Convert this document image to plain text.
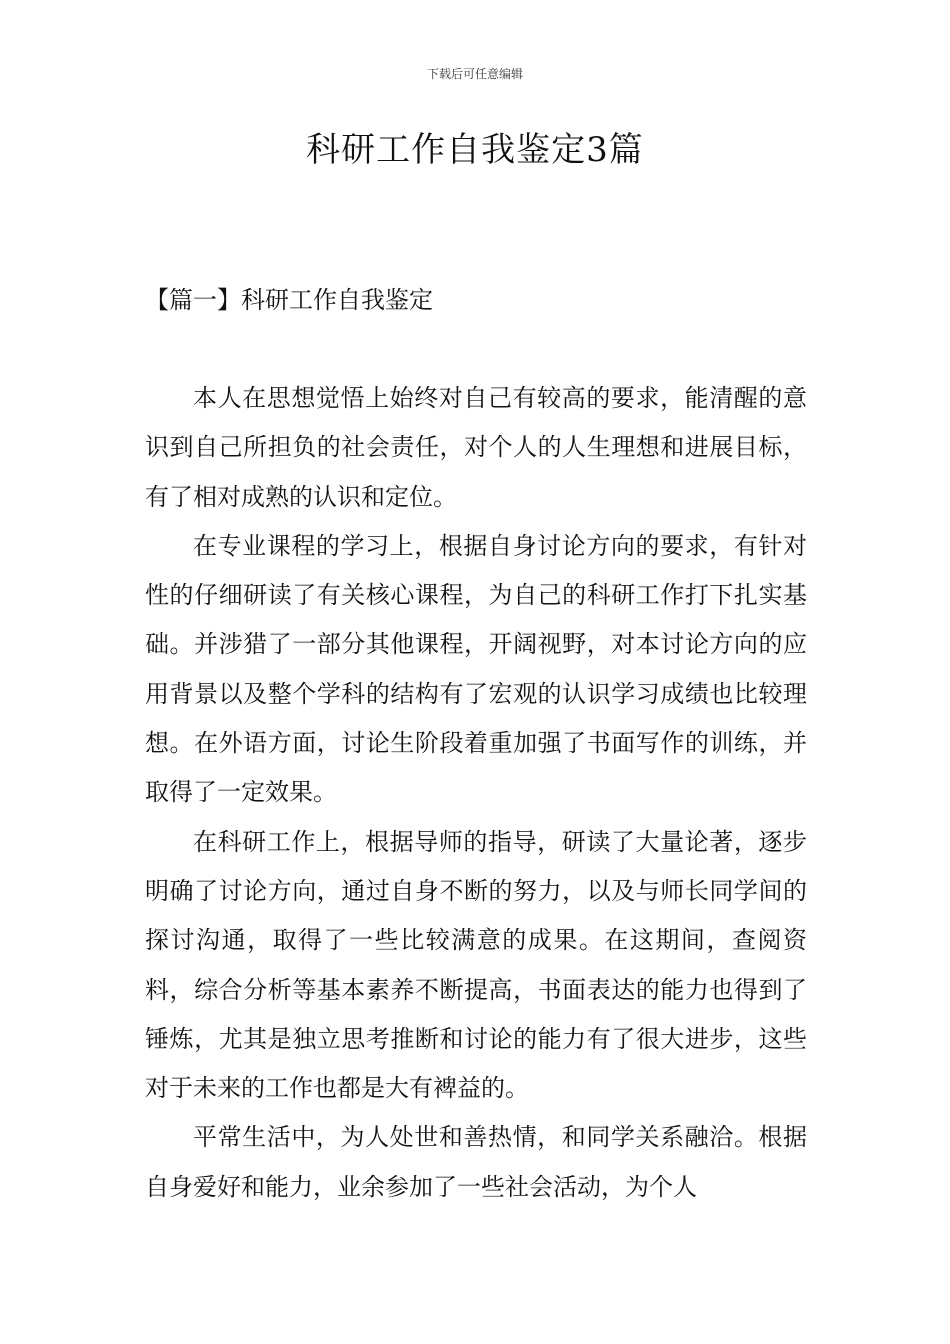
下载后可任意编辑
科研工作自我鉴定3篇
【篇一】科研工作自我鉴定

本人在思想觉悟上始终对自己有较高的要求，能清醒的意识到自己所担负的社会责任，对个人的人生理想和进展目标，有了相对成熟的认识和定位。

在专业课程的学习上，根据自身讨论方向的要求，有针对性的仔细研读了有关核心课程，为自己的科研工作打下扎实基础。并涉猎了一部分其他课程，开阔视野，对本讨论方向的应用背景以及整个学科的结构有了宏观的认识学习成绩也比较理想。在外语方面，讨论生阶段着重加强了书面写作的训练，并取得了一定效果。

在科研工作上，根据导师的指导，研读了大量论著，逐步明确了讨论方向，通过自身不断的努力，以及与师长同学间的探讨沟通，取得了一些比较满意的成果。在这期间，查阅资料，综合分析等基本素养不断提高，书面表达的能力也得到了锤炼，尤其是独立思考推断和讨论的能力有了很大进步，这些对于未来的工作也都是大有裨益的。

平常生活中，为人处世和善热情，和同学关系融洽。根据自身爱好和能力，业余参加了一些社会活动，为个人
